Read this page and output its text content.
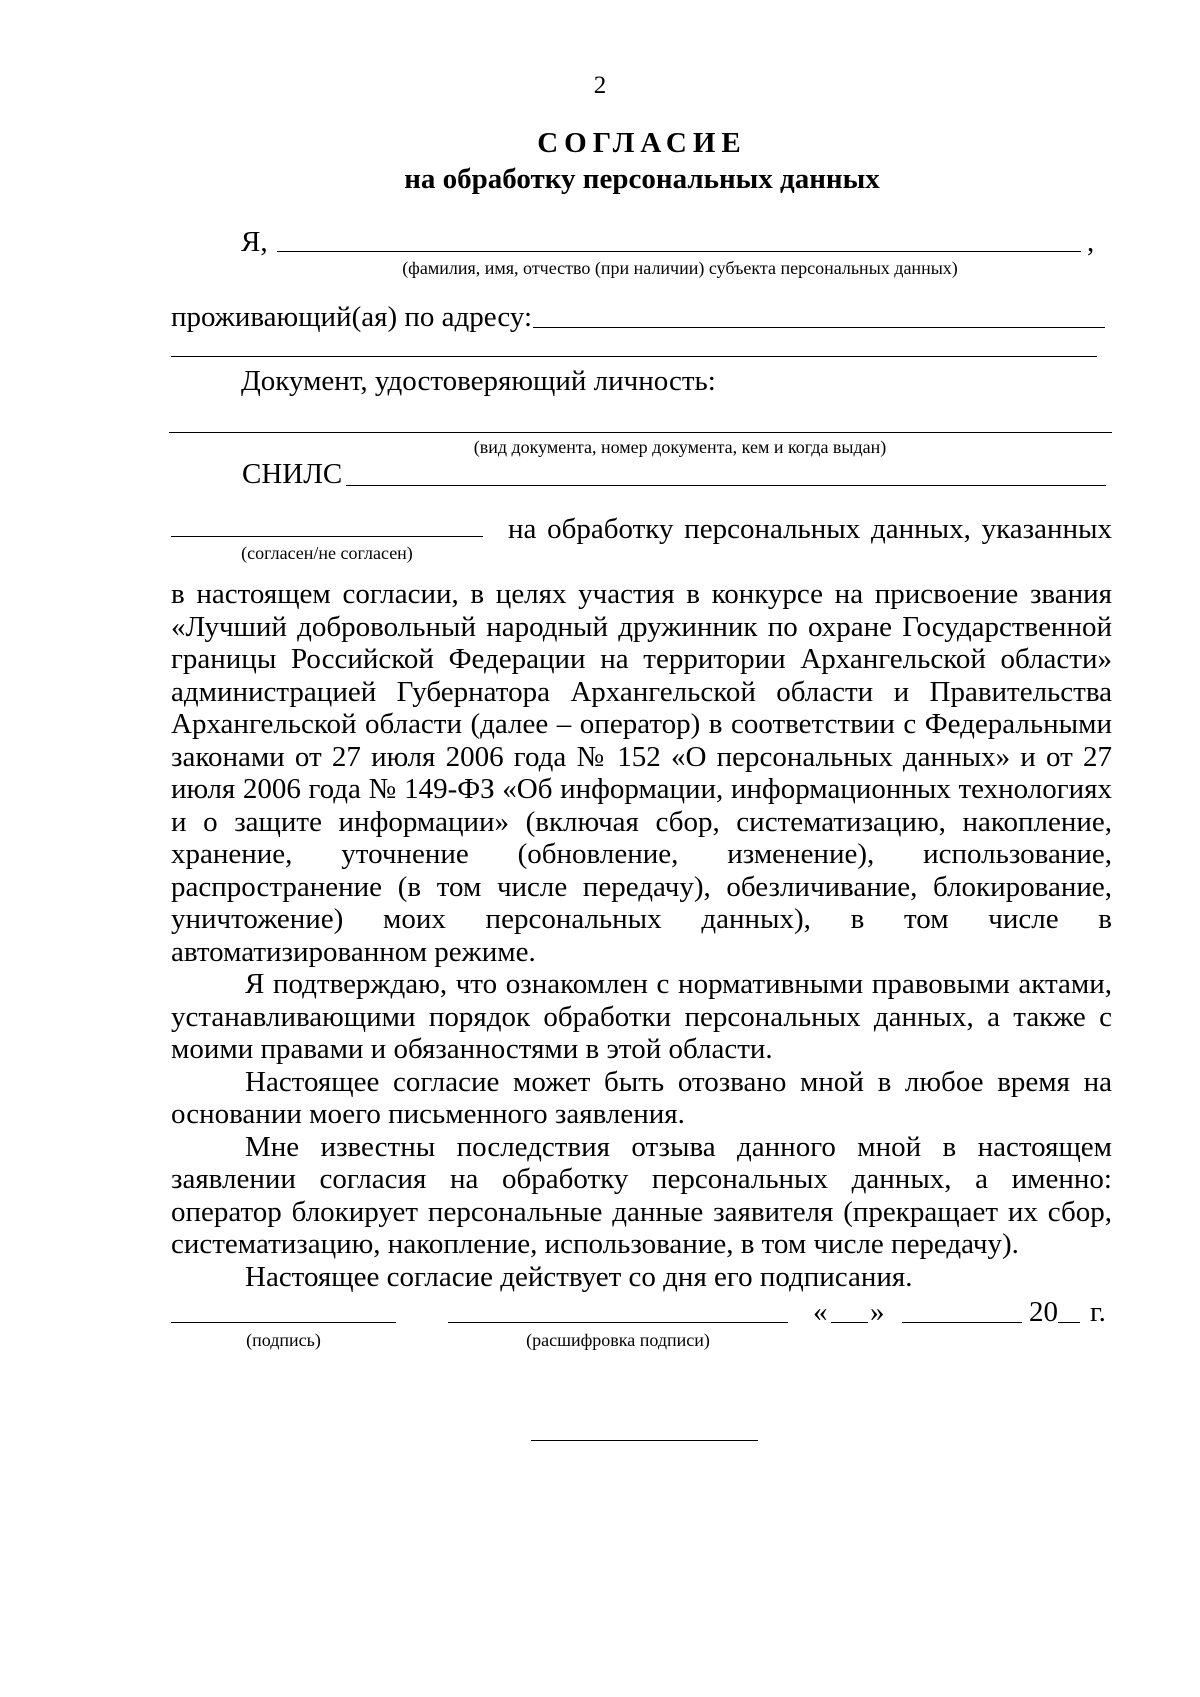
2
СОГЛАСИЕ
на обработку персональных данных
Я,	,
(фамилия, имя, отчество (при наличии) субъекта персональных данных)
проживающий(ая) по адресу:
Документ, удостоверяющий личность:
(вид документа, номер документа, кем и когда выдан)
СНИЛС
на обработку персональных данных, указанных
(согласен/не согласен)

в настоящем согласии, в целях участия в конкурсе на присвоение звания «Лучший добровольный народный дружинник по охране Государственной границы Российской Федерации на территории Архангельской области» администрацией Губернатора Архангельской области и Правительства Архангельской области (далее – оператор) в соответствии с Федеральными законами от 27 июля 2006 года № 152 «О персональных данных» и от 27 июля 2006 года № 149-ФЗ «Об информации, информационных технологиях и о защите информации» (включая сбор, систематизацию, накопление, хранение, уточнение (обновление, изменение), использование, распространение (в том числе передачу), обезличивание, блокирование, уничтожение) моих персональных данных), в том числе в автоматизированном режиме.

Я подтверждаю, что ознакомлен с нормативными правовыми актами, устанавливающими порядок обработки персональных данных, а также с моими правами и обязанностями в этой области.

Настоящее согласие может быть отозвано мной в любое время на основании моего письменного заявления.

Мне известны последствия отзыва данного мной в настоящем заявлении согласия на обработку персональных данных, а именно: оператор блокирует персональные данные заявителя (прекращает их сбор, систематизацию, накопление, использование, в том числе передачу).

Настоящее согласие действует со дня его подписания.

(подпись)	(расшифровка подписи)
« »	20 г.
